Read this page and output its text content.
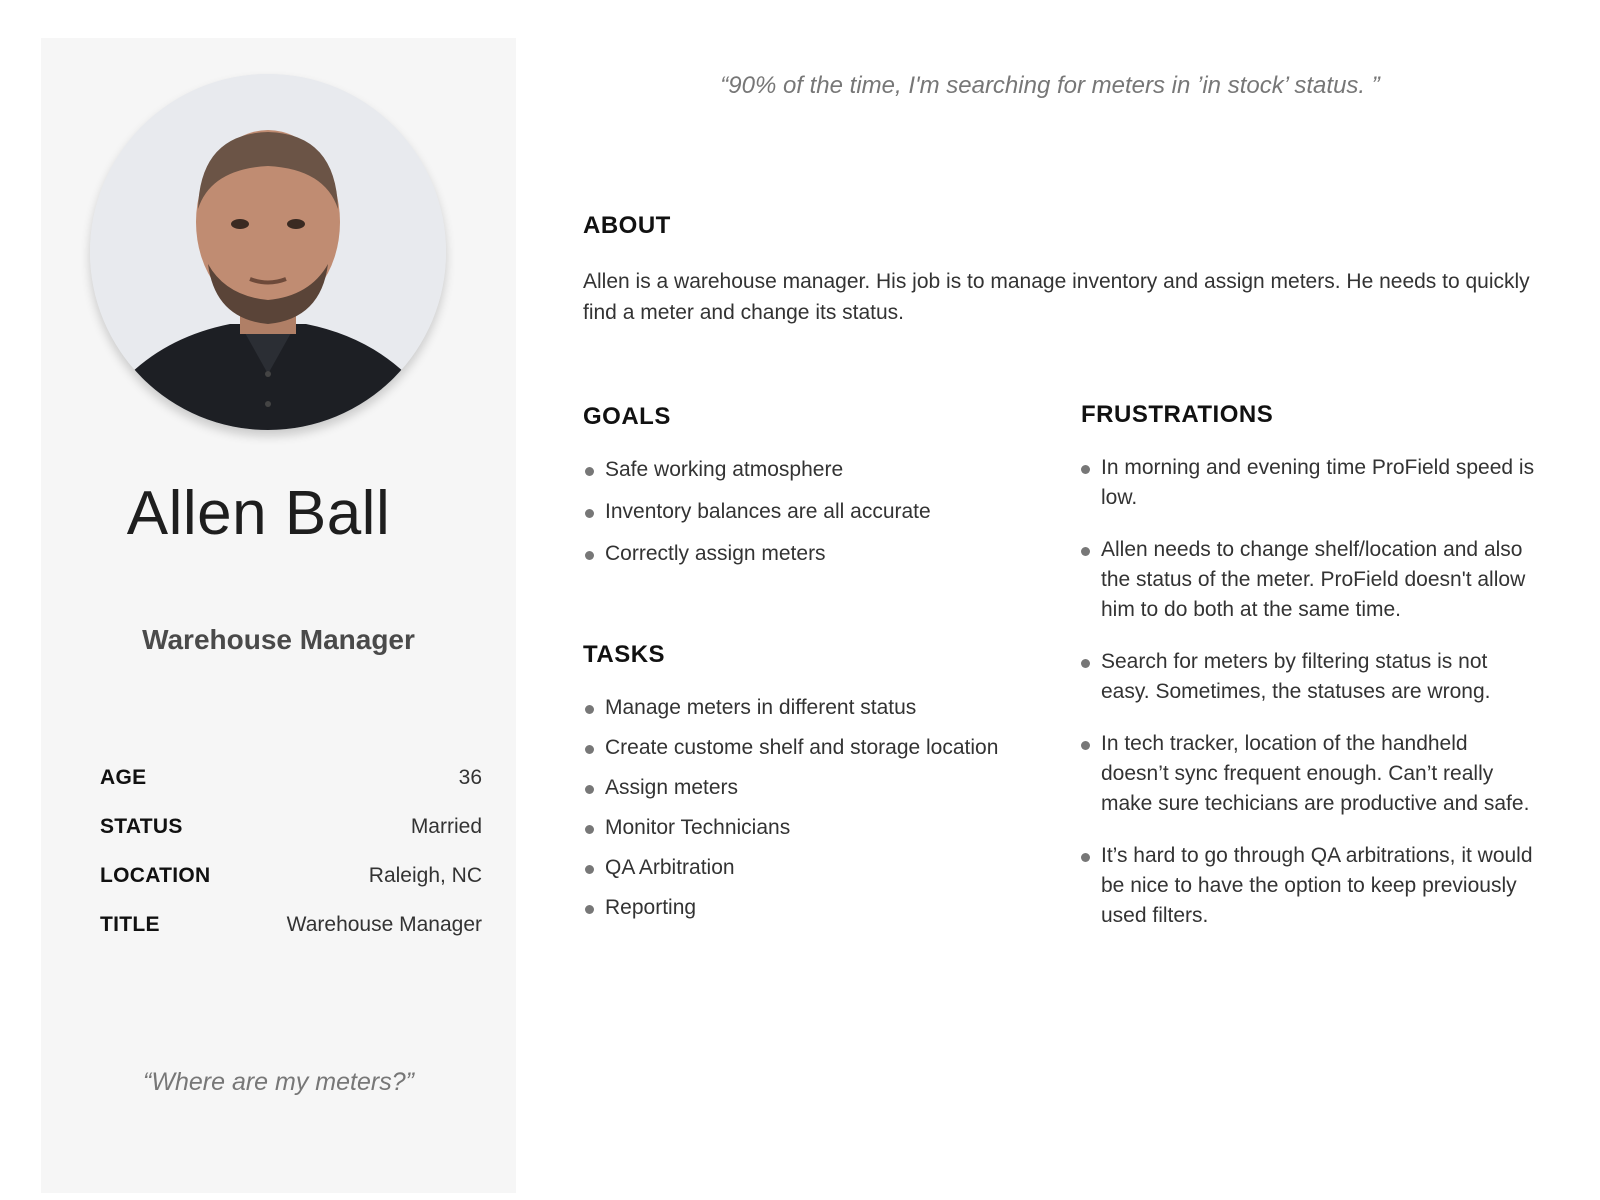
Allen Ball
Warehouse Manager
AGE	36
STATUS	Married
LOCATION	Raleigh, NC
TITLE	Warehouse Manager
“Where are my meters?”
“90% of the time, I'm searching for meters in ’in stock’ status. ”
ABOUT
Allen is a warehouse manager. His job is to manage inventory and assign meters. He needs to quickly find a meter and change its status.
GOALS
Safe working atmosphere
Inventory balances are all accurate
Correctly assign meters
TASKS
Manage meters in different status
Create custome shelf and storage location
Assign meters
Monitor Technicians
QA Arbitration
Reporting
FRUSTRATIONS
In morning and evening time ProField speed is low.
Allen needs to change shelf/location and also the status of the meter. ProField doesn't allow him to do both at the same time.
Search for meters by filtering status is not easy. Sometimes, the statuses are wrong.
In tech tracker, location of the handheld doesn’t sync frequent enough. Can’t really make sure techicians are productive and safe.
It’s hard to go through QA arbitrations, it would be nice to have the option to keep previously used filters.
